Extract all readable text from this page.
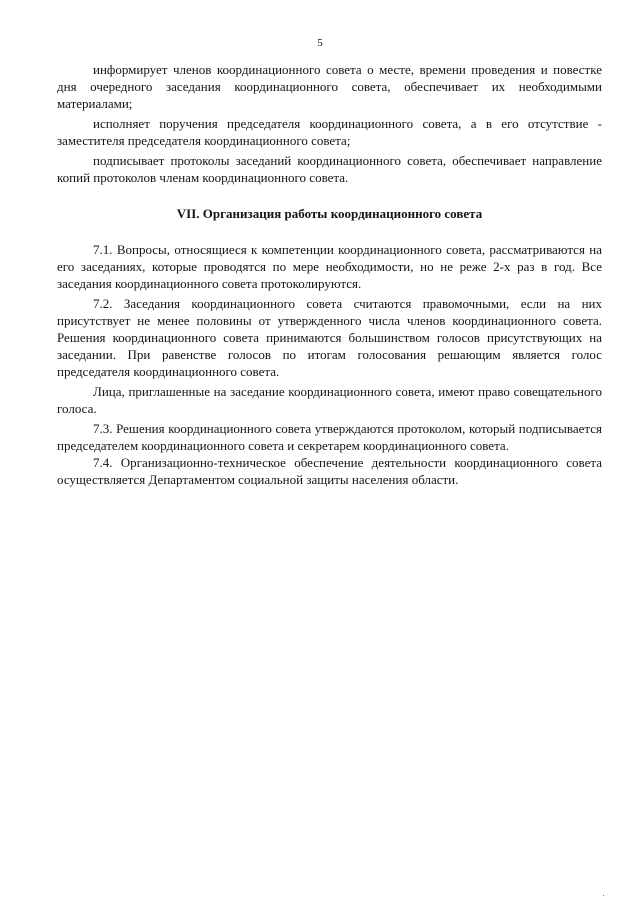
5

информирует членов координационного совета о месте, времени проведения и повестке дня очередного заседания координационного совета, обеспечивает их необходимыми материалами;

исполняет поручения председателя координационного совета, а в его отсутствие - заместителя председателя координационного совета;

подписывает протоколы заседаний координационного совета, обеспечивает направление копий протоколов членам координационного совета.

VII. Организация работы координационного совета

7.1. Вопросы, относящиеся к компетенции координационного совета, рассматриваются на его заседаниях, которые проводятся по мере необходимости, но не реже 2-х раз в год. Все заседания координационного совета протоколируются.

7.2. Заседания координационного совета считаются правомочными, если на них присутствует не менее половины от утвержденного числа членов координационного совета. Решения координационного совета принимаются большинством голосов присутствующих на заседании. При равенстве голосов по итогам голосования решающим является голос председателя координационного совета.

Лица, приглашенные на заседание координационного совета, имеют право совещательного голоса.

7.3. Решения координационного совета утверждаются протоколом, который подписывается председателем координационного совета и секретарем координационного совета.

7.4. Организационно-техническое обеспечение деятельности координационного совета осуществляется Департаментом социальной защиты населения области.
